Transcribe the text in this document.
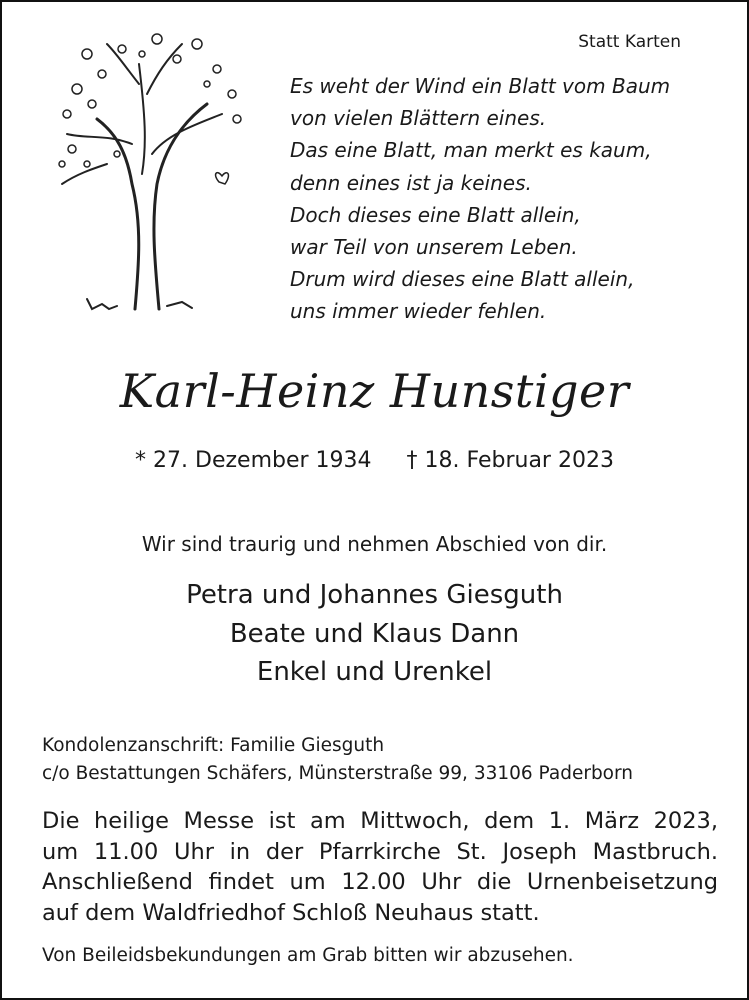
Statt Karten
Es weht der Wind ein Blatt vom Baum
von vielen Blättern eines.
Das eine Blatt, man merkt es kaum,
denn eines ist ja keines.
Doch dieses eine Blatt allein,
war Teil von unserem Leben.
Drum wird dieses eine Blatt allein,
uns immer wieder fehlen.
Karl-Heinz Hunstiger
* 27. Dezember 1934 † 18. Februar 2023
Wir sind traurig und nehmen Abschied von dir.
Petra und Johannes Giesguth
Beate und Klaus Dann
Enkel und Urenkel
Kondolenzanschrift: Familie Giesguth
c/o Bestattungen Schäfers, Münsterstraße 99, 33106 Paderborn
Die heilige Messe ist am Mittwoch, dem 1. März 2023,
um 11.00 Uhr in der Pfarrkirche St. Joseph Mastbruch.
Anschließend findet um 12.00 Uhr die Urnenbeisetzung
auf dem Waldfriedhof Schloß Neuhaus statt.
Von Beileidsbekundungen am Grab bitten wir abzusehen.
